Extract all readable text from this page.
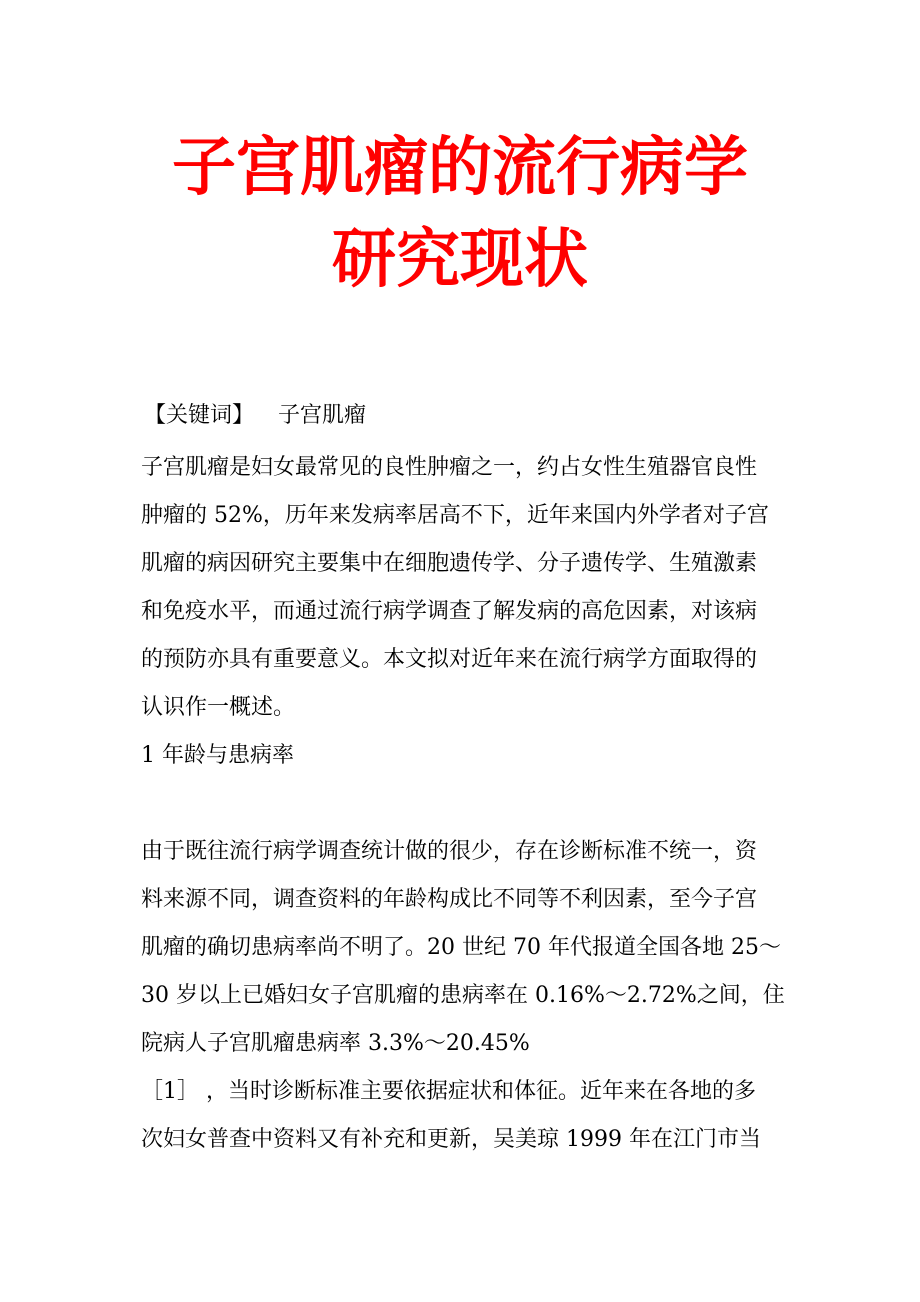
子宫肌瘤的流行病学
研究现状
【关键词】 子宫肌瘤
子宫肌瘤是妇女最常见的良性肿瘤之一，约占女性生殖器官良性
肿瘤的 52%，历年来发病率居高不下，近年来国内外学者对子宫
肌瘤的病因研究主要集中在细胞遗传学、分子遗传学、生殖激素
和免疫水平，而通过流行病学调查了解发病的高危因素，对该病
的预防亦具有重要意义。本文拟对近年来在流行病学方面取得的
认识作一概述。
1 年龄与患病率
由于既往流行病学调查统计做的很少，存在诊断标准不统一，资
料来源不同，调查资料的年龄构成比不同等不利因素，至今子宫
肌瘤的确切患病率尚不明了。20 世纪 70 年代报道全国各地 25～
30 岁以上已婚妇女子宫肌瘤的患病率在 0.16%～2.72%之间，住
院病人子宫肌瘤患病率 3.3%～20.45%
［1］ ，当时诊断标准主要依据症状和体征。近年来在各地的多
次妇女普查中资料又有补充和更新，吴美琼 1999 年在江门市当
